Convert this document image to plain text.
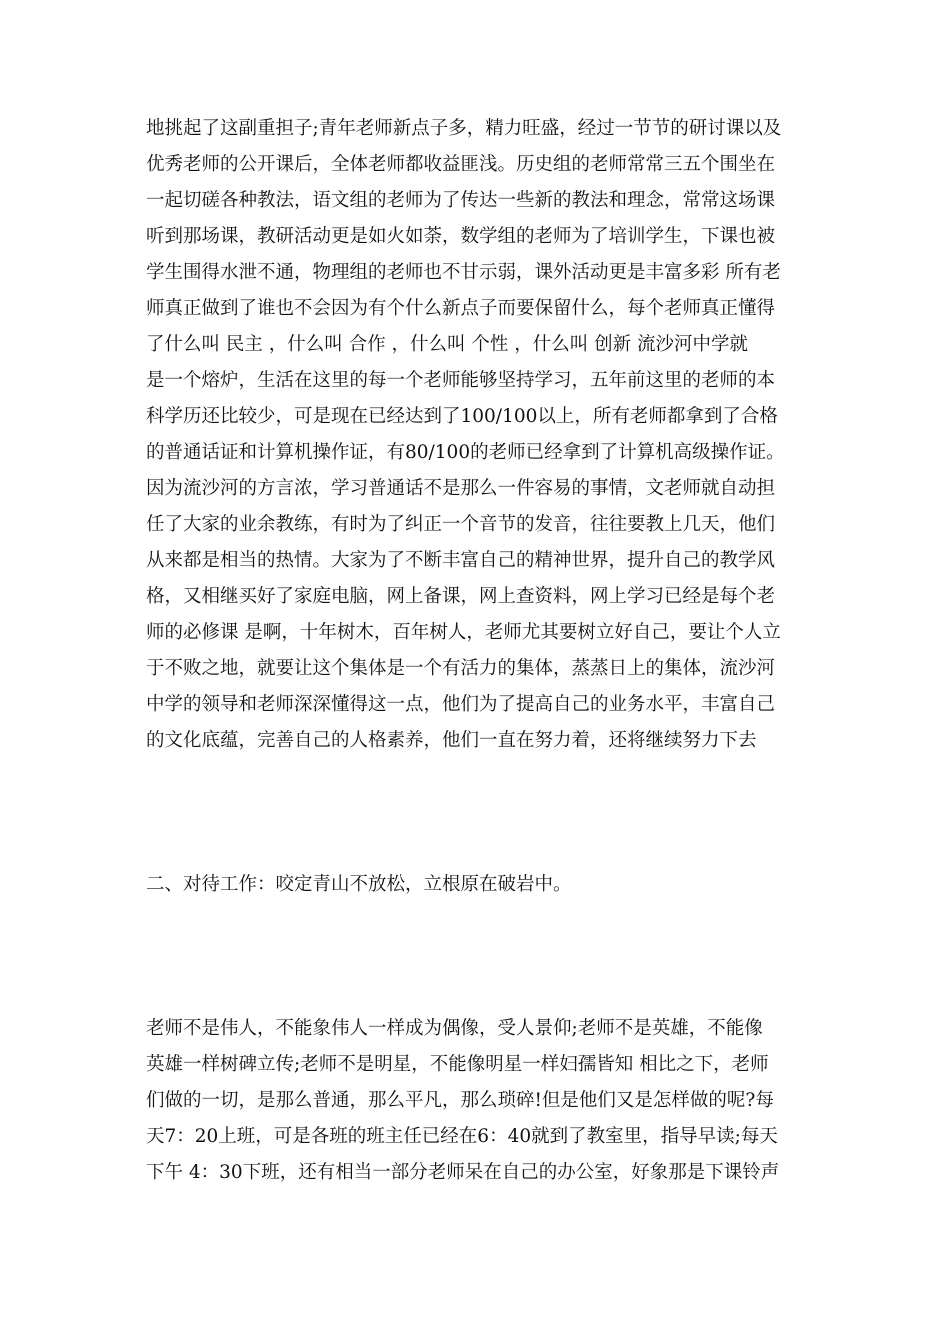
地挑起了这副重担子;青年老师新点子多，精力旺盛，经过一节节的研讨课以及
优秀老师的公开课后，全体老师都收益匪浅。历史组的老师常常三五个围坐在
一起切磋各种教法，语文组的老师为了传达一些新的教法和理念，常常这场课
听到那场课，教研活动更是如火如荼，数学组的老师为了培训学生，下课也被
学生围得水泄不通，物理组的老师也不甘示弱，课外活动更是丰富多彩 所有老
师真正做到了谁也不会因为有个什么新点子而要保留什么，每个老师真正懂得
了什么叫 民主 ，什么叫 合作 ，什么叫 个性 ，什么叫 创新 流沙河中学就
是一个熔炉，生活在这里的每一个老师能够坚持学习，五年前这里的老师的本
科学历还比较少，可是现在已经达到了100/100以上，所有老师都拿到了合格
的普通话证和计算机操作证，有80/100的老师已经拿到了计算机高级操作证。
因为流沙河的方言浓，学习普通话不是那么一件容易的事情，文老师就自动担
任了大家的业余教练，有时为了纠正一个音节的发音，往往要教上几天，他们
从来都是相当的热情。大家为了不断丰富自己的精神世界，提升自己的教学风
格，又相继买好了家庭电脑，网上备课，网上查资料，网上学习已经是每个老
师的必修课 是啊，十年树木，百年树人，老师尤其要树立好自己，要让个人立
于不败之地，就要让这个集体是一个有活力的集体，蒸蒸日上的集体，流沙河
中学的领导和老师深深懂得这一点，他们为了提高自己的业务水平，丰富自己
的文化底蕴，完善自己的人格素养，他们一直在努力着，还将继续努力下去
二、对待工作：咬定青山不放松，立根原在破岩中。
老师不是伟人，不能象伟人一样成为偶像，受人景仰;老师不是英雄，不能像
英雄一样树碑立传;老师不是明星，不能像明星一样妇孺皆知 相比之下，老师
们做的一切，是那么普通，那么平凡，那么琐碎!但是他们又是怎样做的呢?每
天7：20上班，可是各班的班主任已经在6：40就到了教室里，指导早读;每天
下午 4：30下班，还有相当一部分老师呆在自己的办公室，好象那是下课铃声
